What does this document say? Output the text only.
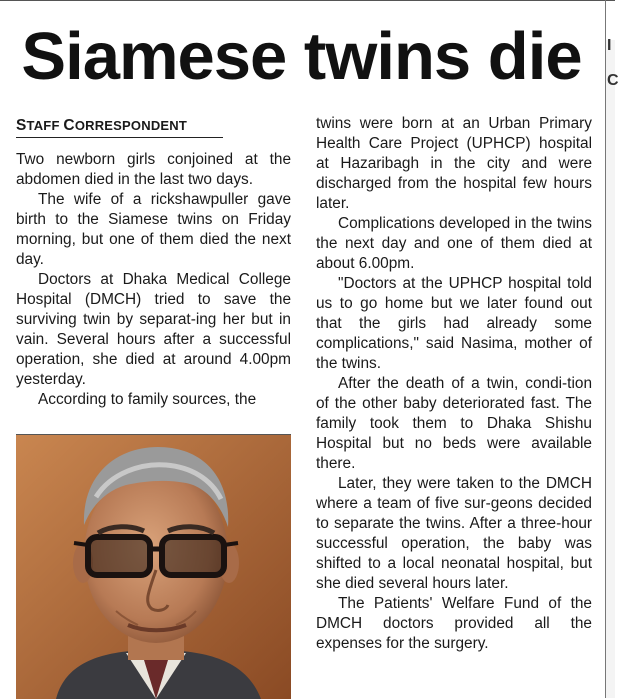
I
C
Siamese twins die
STAFF CORRESPONDENT

Two newborn girls conjoined at the abdomen died in the last two days.

The wife of a rickshawpuller gave birth to the Siamese twins on Friday morning, but one of them died the next day.

Doctors at Dhaka Medical College Hospital (DMCH) tried to save the surviving twin by separat-ing her but in vain. Several hours after a successful operation, she died at around 4.00pm yesterday.

According to family sources, the

twins were born at an Urban Primary Health Care Project (UPHCP) hospital at Hazaribagh in the city and were discharged from the hospital few hours later.

Complications developed in the twins the next day and one of them died at about 6.00pm.

"Doctors at the UPHCP hospital told us to go home but we later found out that the girls had already some complications," said Nasima, mother of the twins.

After the death of a twin, condi-tion of the other baby deteriorated fast. The family took them to Dhaka Shishu Hospital but no beds were available there.

Later, they were taken to the DMCH where a team of five sur-geons decided to separate the twins. After a three-hour successful operation, the baby was shifted to a local neonatal hospital, but she died several hours later.

The Patients' Welfare Fund of the DMCH doctors provided all the expenses for the surgery.
